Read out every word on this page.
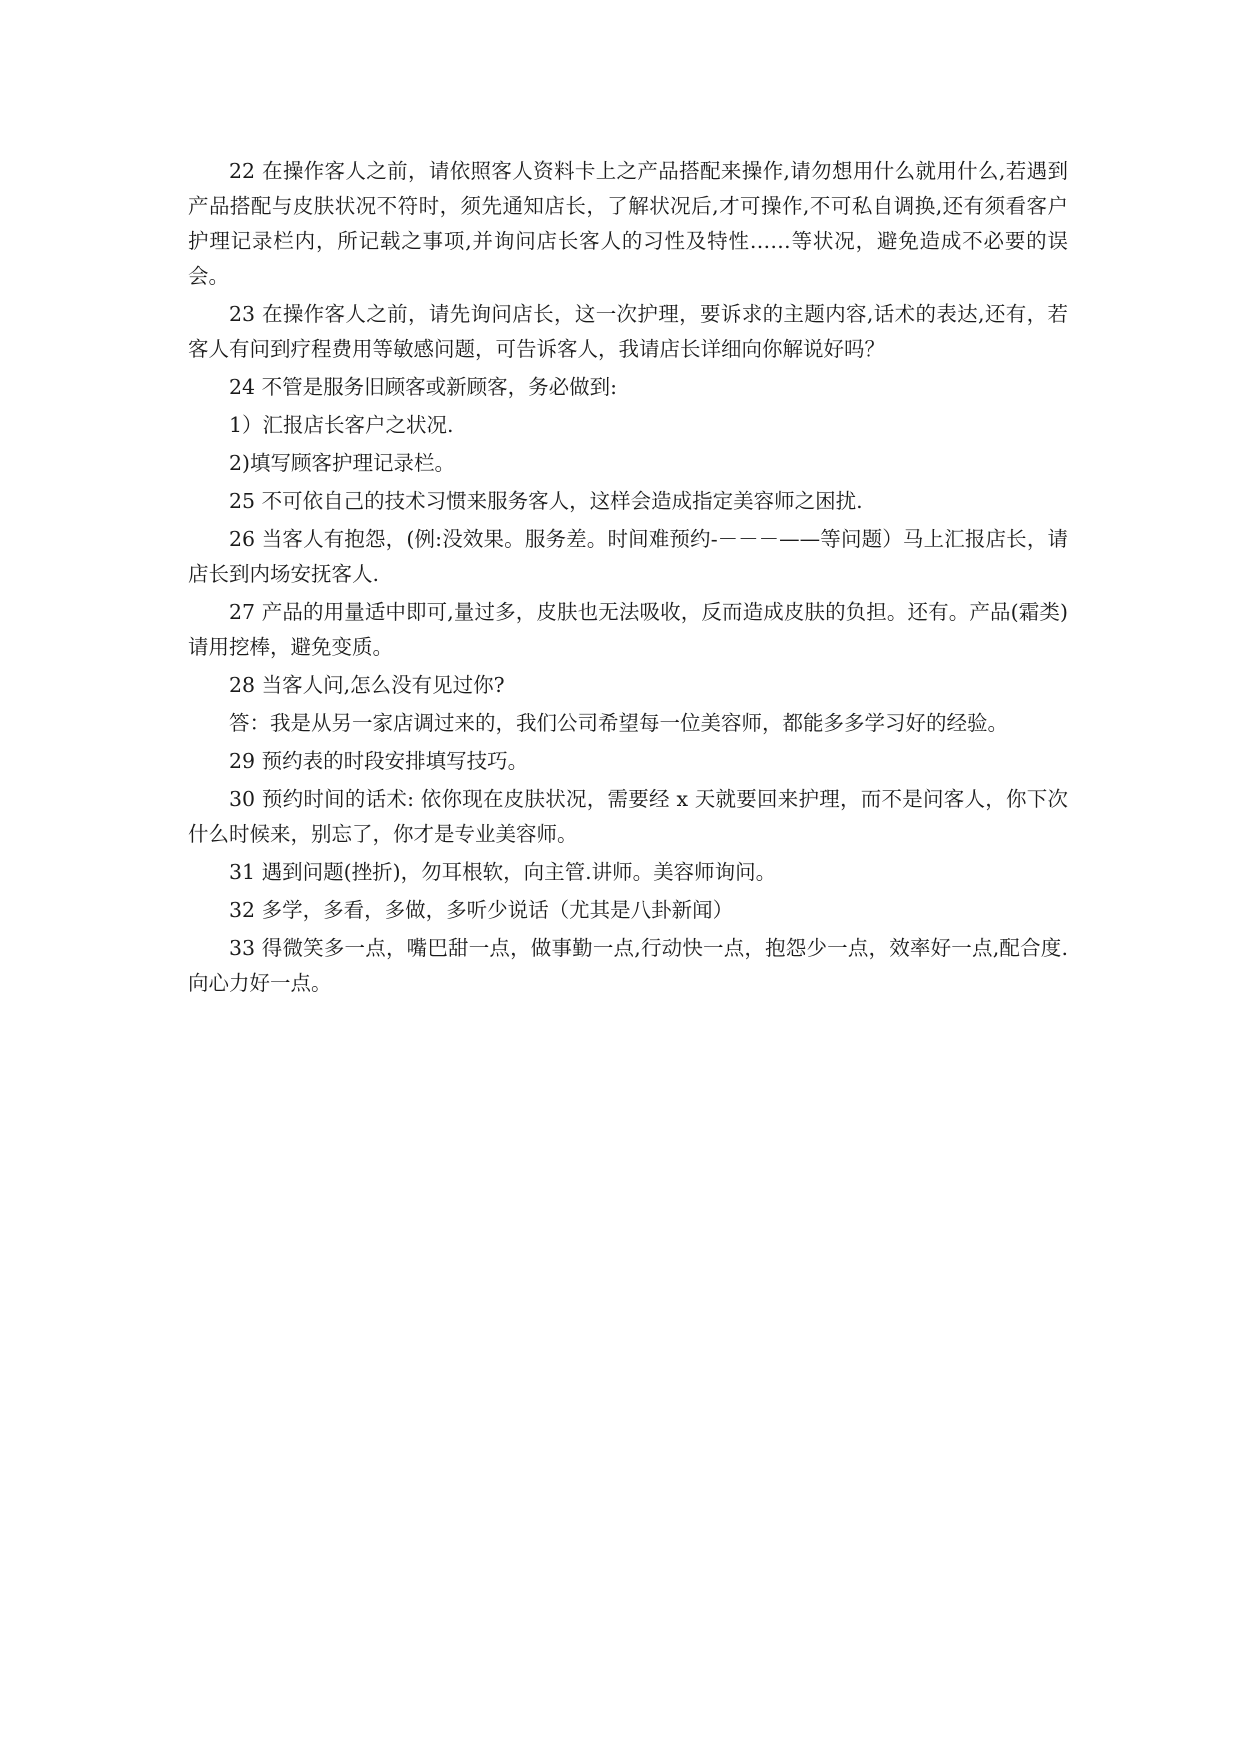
22 在操作客人之前，请依照客人资料卡上之产品搭配来操作,请勿想用什么就用什么,若遇到产品搭配与皮肤状况不符时，须先通知店长，了解状况后,才可操作,不可私自调换,还有须看客户护理记录栏内，所记载之事项,并询问店长客人的习性及特性……等状况，避免造成不必要的误会。

23 在操作客人之前，请先询问店长，这一次护理，要诉求的主题内容,话术的表达,还有，若客人有问到疗程费用等敏感问题，可告诉客人，我请店长详细向你解说好吗？

24 不管是服务旧顾客或新顾客，务必做到:

1）汇报店长客户之状况.

2)填写顾客护理记录栏。

25 不可依自己的技术习惯来服务客人，这样会造成指定美容师之困扰.

26 当客人有抱怨，(例:没效果。服务差。时间难预约-－－－——等问题）马上汇报店长，请店长到内场安抚客人.

27 产品的用量适中即可,量过多，皮肤也无法吸收，反而造成皮肤的负担。还有。产品(霜类)请用挖棒，避免变质。

28 当客人问,怎么没有见过你?

答：我是从另一家店调过来的，我们公司希望每一位美容师，都能多多学习好的经验。

29 预约表的时段安排填写技巧。

30 预约时间的话术: 依你现在皮肤状况，需要经 x 天就要回来护理，而不是问客人，你下次什么时候来，别忘了，你才是专业美容师。

31 遇到问题(挫折)，勿耳根软，向主管.讲师。美容师询问。

32 多学，多看，多做，多听少说话（尤其是八卦新闻）

33 得微笑多一点，嘴巴甜一点，做事勤一点,行动快一点，抱怨少一点，效率好一点,配合度.向心力好一点。
